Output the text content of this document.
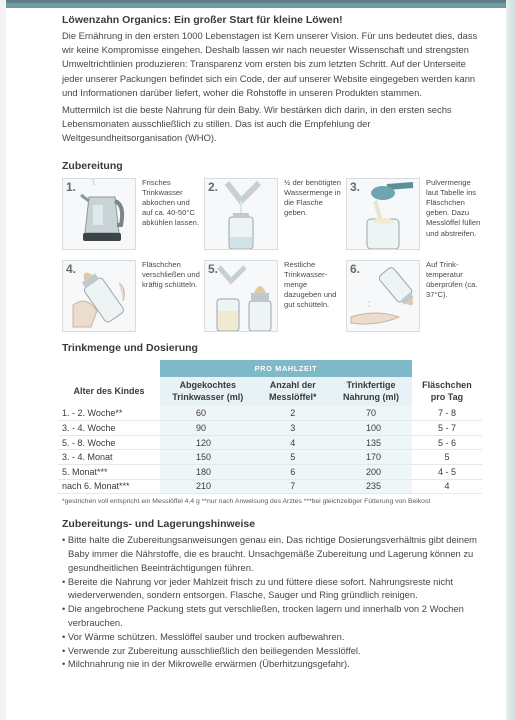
Löwenzahn Organics: Ein großer Start für kleine Löwen!

Die Ernährung in den ersten 1000 Lebenstagen ist Kern unserer Vision. Für uns bedeutet dies, dass wir keine Kompromisse eingehen. Deshalb lassen wir nach neuester Wissenschaft und strengsten Umweltrichtlinien produzieren: Transparenz vom ersten bis zum letzten Schritt. Auf der Unterseite jeder unserer Packungen befindet sich ein Code, der auf unserer Website eingegeben werden kann und Informationen darüber liefert, woher die Rohstoffe in unseren Produkten stammen.

Muttermilch ist die beste Nahrung für dein Baby. Wir bestärken dich darin, in den ersten sechs Lebensmonaten ausschließlich zu stillen. Das ist auch die Empfehlung der Weltgesundheitsorganisation (WHO).

Zubereitung
1.	Frisches Trinkwasser abkochen und auf ca. 40-50°C abkühlen lassen.
2.	½ der benötigten Wassermenge in die Flasche geben.
3.	Pulvermenge laut Tabelle ins Fläschchen geben. Dazu Messlöffel füllen und abstreifen.
4.	Fläschchen verschließen und kräftig schütteln.
5.	Restliche Trinkwasser-menge dazugeben und gut schütteln.
6.	Auf Trink-temperatur überprüfen (ca. 37°C).
Trinkmenge und Dosierung
	PRO MAHLZEIT			
Alter des Kindes	Abgekochtes Trinkwasser (ml)	Anzahl der Messlöffel*	Trinkfertige Nahrung (ml)	Fläschchen pro Tag
1. - 2. Woche**	60	2	70	7 - 8
3. - 4. Woche	90	3	100	5 - 7
5. - 8. Woche	120	4	135	5 - 6
3. - 4. Monat	150	5	170	5
5. Monat***	180	6	200	4 - 5
nach 6. Monat***	210	7	235	4
*gestrichen voll entspricht ein Messlöffel 4,4 g **nur nach Anweisung des Arztes ***bei gleichzeitiger Fütterung von Beikost
Zubereitungs- und Lagerungshinweise

• Bitte halte die Zubereitungsanweisungen genau ein. Das richtige Dosierungsverhältnis gibt deinem Baby immer die Nährstoffe, die es braucht. Unsachgemäße Zubereitung und Lagerung können zu gesundheitlichen Beeinträchtigungen führen.

• Bereite die Nahrung vor jeder Mahlzeit frisch zu und füttere diese sofort. Nahrungsreste nicht wiederverwenden, sondern entsorgen. Flasche, Sauger und Ring gründlich reinigen.

• Die angebrochene Packung stets gut verschließen, trocken lagern und innerhalb von 2 Wochen verbrauchen.

• Vor Wärme schützen. Messlöffel sauber und trocken aufbewahren.

• Verwende zur Zubereitung ausschließlich den beiliegenden Messlöffel.

• Milchnahrung nie in der Mikrowelle erwärmen (Überhitzungsgefahr).
